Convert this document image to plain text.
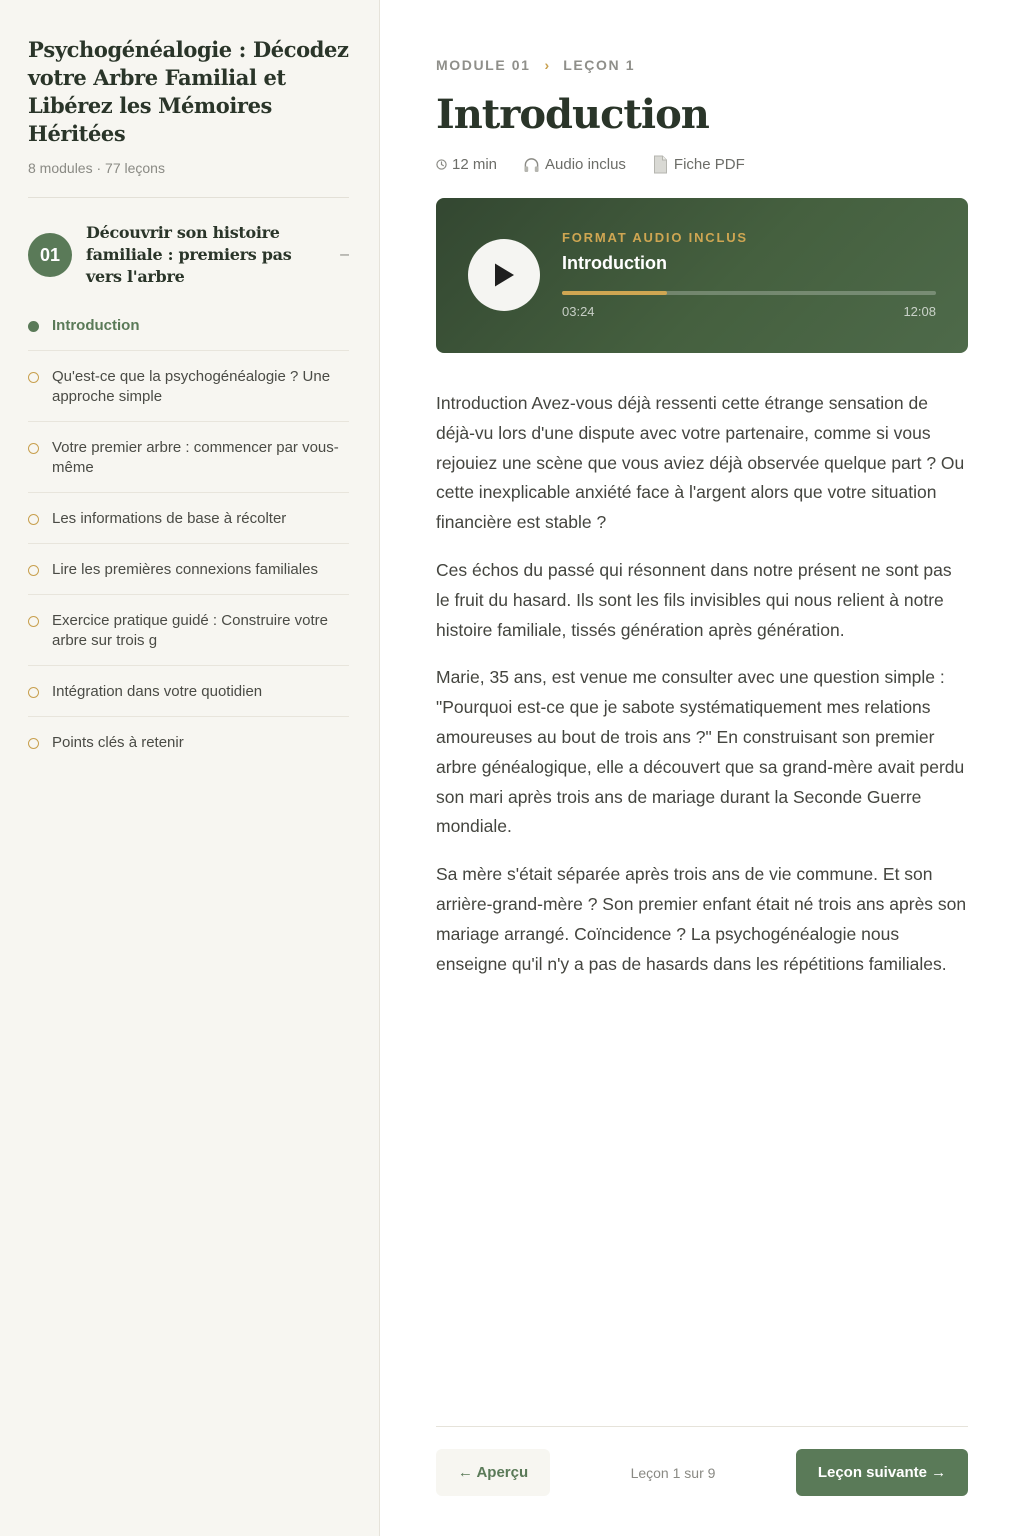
Psychogénéalogie : Décodez votre Arbre Familial et Libérez les Mémoires Héritées
8 modules · 77 leçons
01
Découvrir son histoire familiale : premiers pas vers l'arbre
–
Introduction
Qu'est-ce que la psychogénéalogie ? Une approche simple
Votre premier arbre : commencer par vous-même
Les informations de base à récolter
Lire les premières connexions familiales
Exercice pratique guidé : Construire votre arbre sur trois g
Intégration dans votre quotidien
Points clés à retenir
MODULE 01 › LEÇON 1
Introduction
12 min	Audio inclus	Fiche PDF
FORMAT AUDIO INCLUS
Introduction
03:24	12:08

Introduction Avez-vous déjà ressenti cette étrange sensation de déjà-vu lors d'une dispute avec votre partenaire, comme si vous rejouiez une scène que vous aviez déjà observée quelque part ? Ou cette inexplicable anxiété face à l'argent alors que votre situation financière est stable ?

Ces échos du passé qui résonnent dans notre présent ne sont pas le fruit du hasard. Ils sont les fils invisibles qui nous relient à notre histoire familiale, tissés génération après génération.

Marie, 35 ans, est venue me consulter avec une question simple : "Pourquoi est-ce que je sabote systématiquement mes relations amoureuses au bout de trois ans ?" En construisant son premier arbre généalogique, elle a découvert que sa grand-mère avait perdu son mari après trois ans de mariage durant la Seconde Guerre mondiale.

Sa mère s'était séparée après trois ans de vie commune. Et son arrière-grand-mère ? Son premier enfant était né trois ans après son mariage arrangé. Coïncidence ? La psychogénéalogie nous enseigne qu'il n'y a pas de hasards dans les répétitions familiales.

← Aperçu	Leçon 1 sur 9	Leçon suivante →
